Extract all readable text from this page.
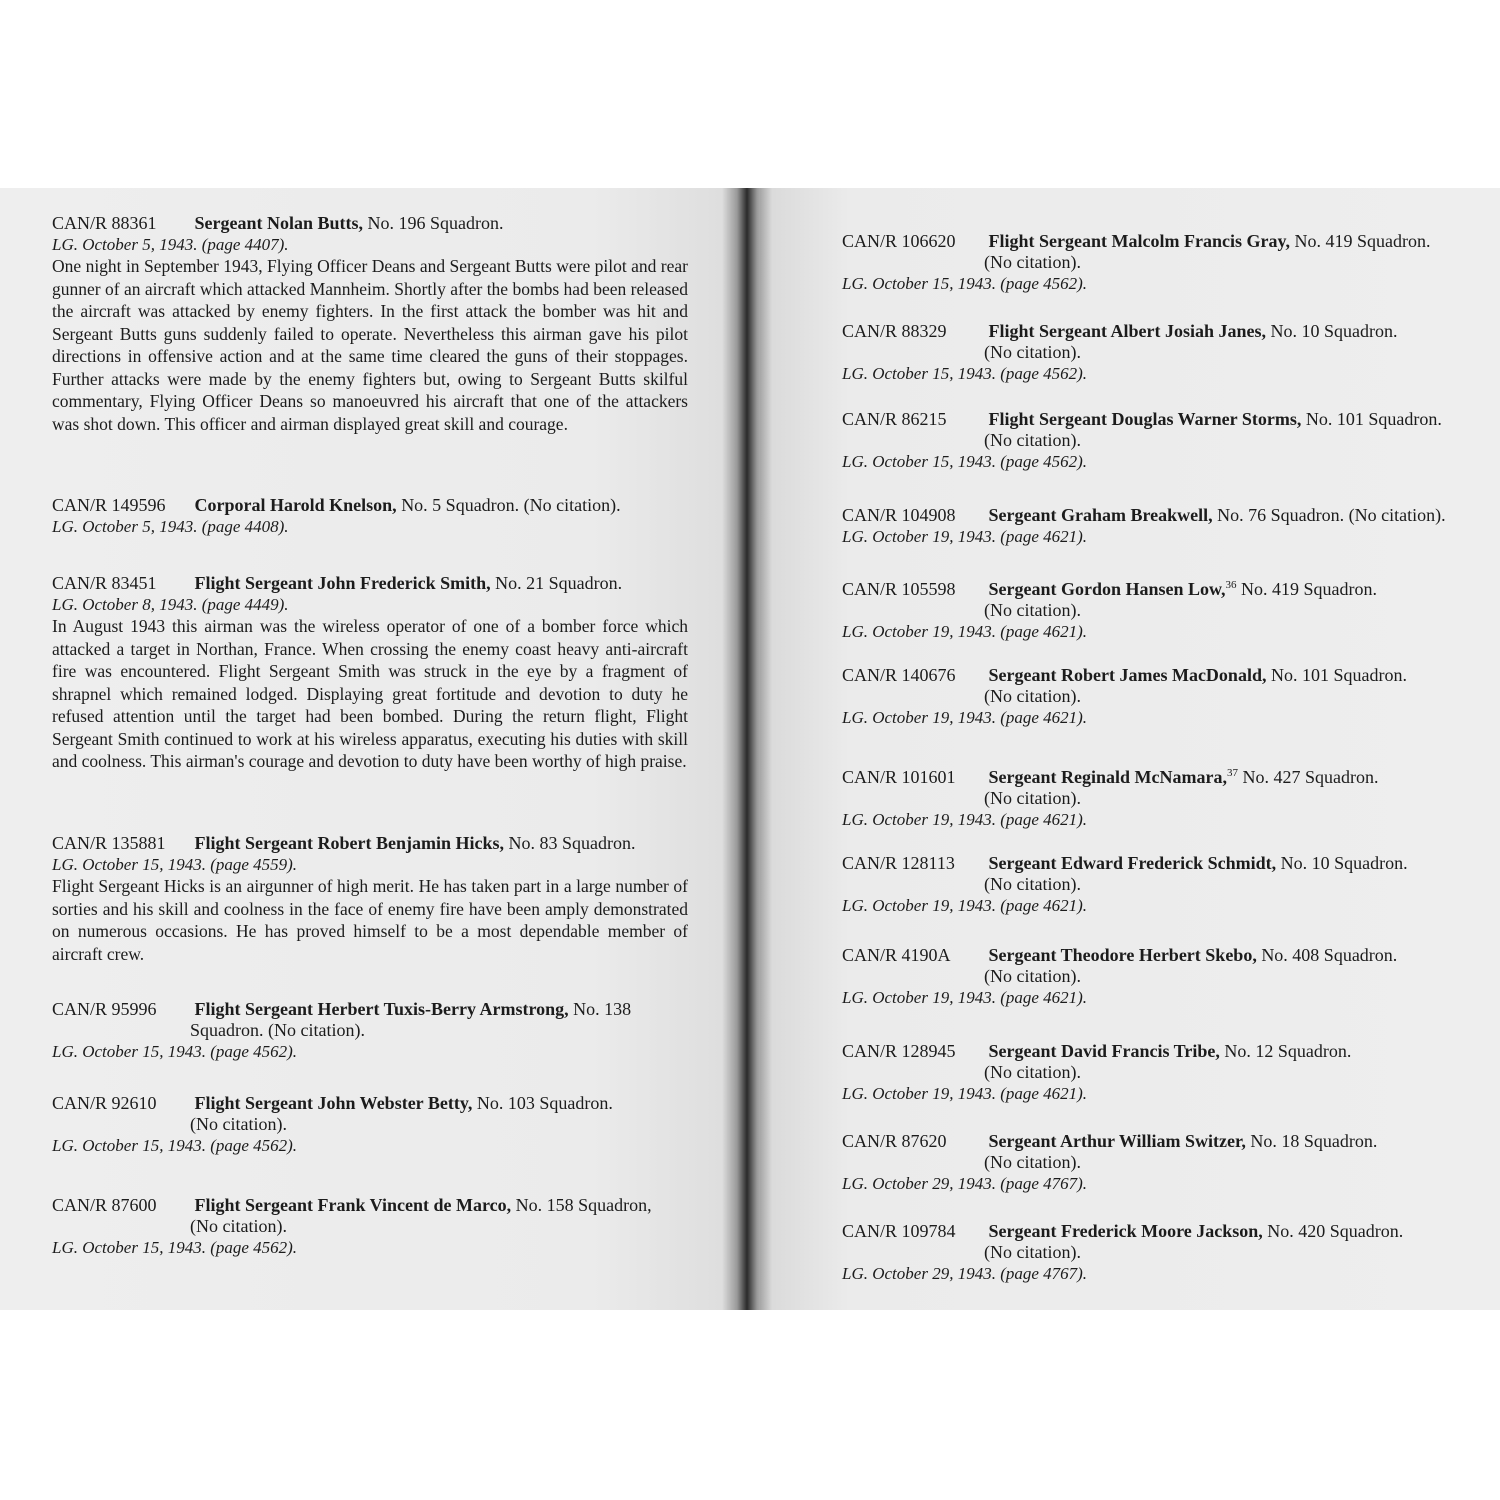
CAN/R 88361 Sergeant Nolan Butts, No. 196 Squadron.
LG. October 5, 1943. (page 4407).
One night in September 1943, Flying Officer Deans and Sergeant Butts were pilot and rear gunner of an aircraft which attacked Mannheim. Shortly after the bombs had been released the aircraft was attacked by enemy fighters. In the first attack the bomber was hit and Sergeant Butts guns suddenly failed to operate. Nevertheless this airman gave his pilot directions in offensive action and at the same time cleared the guns of their stoppages. Further attacks were made by the enemy fighters but, owing to Sergeant Butts skilful commentary, Flying Officer Deans so manoeuvred his aircraft that one of the attackers was shot down. This officer and airman displayed great skill and courage.
CAN/R 149596 Corporal Harold Knelson, No. 5 Squadron. (No citation).
LG. October 5, 1943. (page 4408).
CAN/R 83451 Flight Sergeant John Frederick Smith, No. 21 Squadron.
LG. October 8, 1943. (page 4449).
In August 1943 this airman was the wireless operator of one of a bomber force which attacked a target in Northan, France. When crossing the enemy coast heavy anti-aircraft fire was encountered. Flight Sergeant Smith was struck in the eye by a fragment of shrapnel which remained lodged. Displaying great fortitude and devotion to duty he refused attention until the target had been bombed. During the return flight, Flight Sergeant Smith continued to work at his wireless apparatus, executing his duties with skill and coolness. This airman's courage and devotion to duty have been worthy of high praise.
CAN/R 135881 Flight Sergeant Robert Benjamin Hicks, No. 83 Squadron.
LG. October 15, 1943. (page 4559).
Flight Sergeant Hicks is an airgunner of high merit. He has taken part in a large number of sorties and his skill and coolness in the face of enemy fire have been amply demonstrated on numerous occasions. He has proved himself to be a most dependable member of aircraft crew.
CAN/R 95996 Flight Sergeant Herbert Tuxis-Berry Armstrong, No. 138
Squadron. (No citation).
LG. October 15, 1943. (page 4562).
CAN/R 92610 Flight Sergeant John Webster Betty, No. 103 Squadron.
(No citation).
LG. October 15, 1943. (page 4562).
CAN/R 87600 Flight Sergeant Frank Vincent de Marco, No. 158 Squadron,
(No citation).
LG. October 15, 1943. (page 4562).
CAN/R 106620 Flight Sergeant Malcolm Francis Gray, No. 419 Squadron.
(No citation).
LG. October 15, 1943. (page 4562).
CAN/R 88329 Flight Sergeant Albert Josiah Janes, No. 10 Squadron.
(No citation).
LG. October 15, 1943. (page 4562).
CAN/R 86215 Flight Sergeant Douglas Warner Storms, No. 101 Squadron.
(No citation).
LG. October 15, 1943. (page 4562).
CAN/R 104908 Sergeant Graham Breakwell, No. 76 Squadron. (No citation).
LG. October 19, 1943. (page 4621).
CAN/R 105598 Sergeant Gordon Hansen Low,$^{36}$ No. 419 Squadron.
(No citation).
LG. October 19, 1943. (page 4621).
CAN/R 140676 Sergeant Robert James MacDonald, No. 101 Squadron.
(No citation).
LG. October 19, 1943. (page 4621).
CAN/R 101601 Sergeant Reginald McNamara,$^{37}$ No. 427 Squadron.
(No citation).
LG. October 19, 1943. (page 4621).
CAN/R 128113 Sergeant Edward Frederick Schmidt, No. 10 Squadron.
(No citation).
LG. October 19, 1943. (page 4621).
CAN/R 4190A Sergeant Theodore Herbert Skebo, No. 408 Squadron.
(No citation).
LG. October 19, 1943. (page 4621).
CAN/R 128945 Sergeant David Francis Tribe, No. 12 Squadron.
(No citation).
LG. October 19, 1943. (page 4621).
CAN/R 87620 Sergeant Arthur William Switzer, No. 18 Squadron.
(No citation).
LG. October 29, 1943. (page 4767).
CAN/R 109784 Sergeant Frederick Moore Jackson, No. 420 Squadron.
(No citation).
LG. October 29, 1943. (page 4767).
